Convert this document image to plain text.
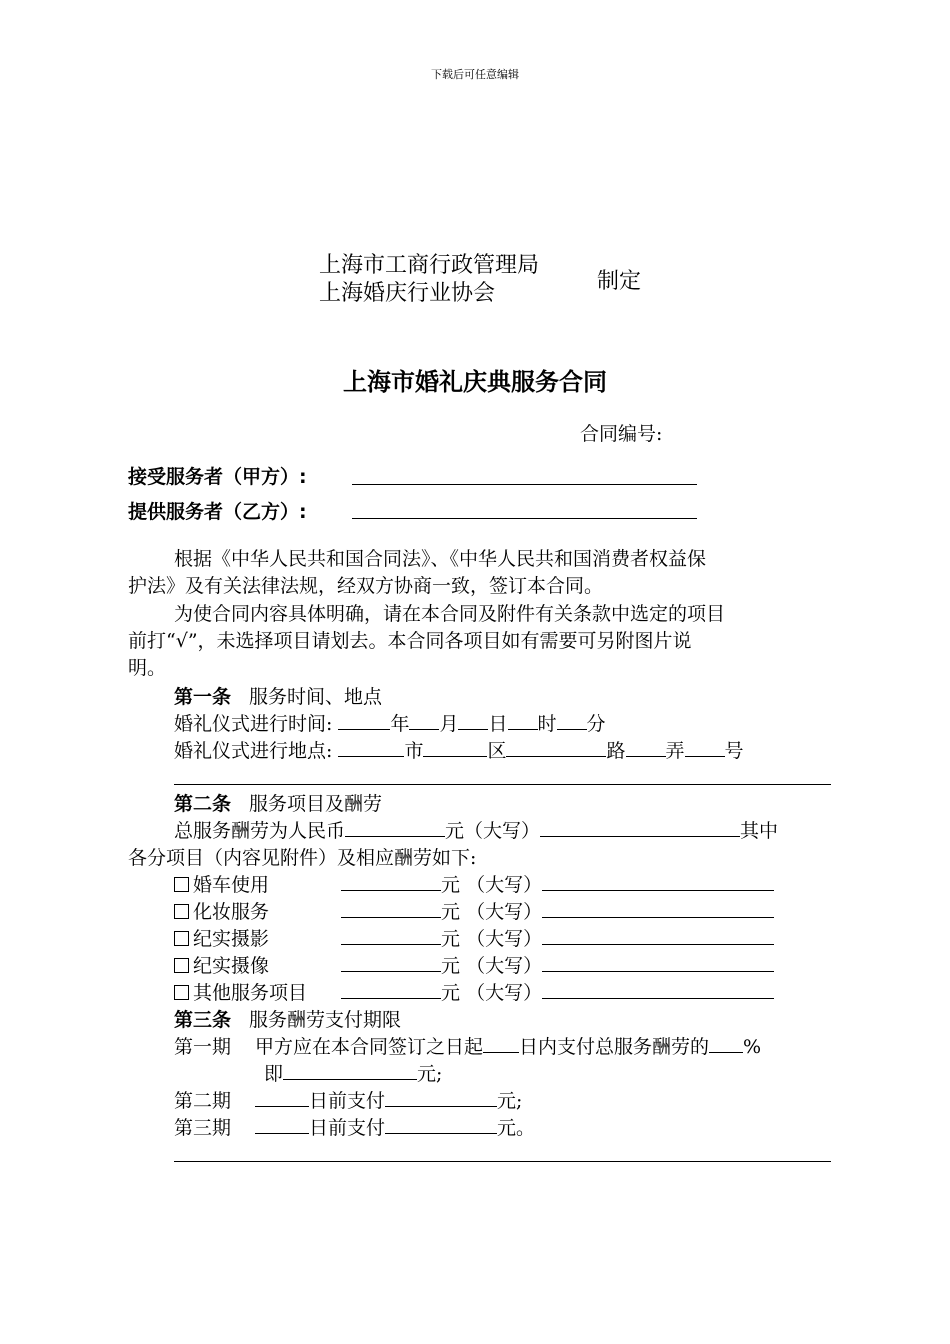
下载后可任意编辑
上海市工商行政管理局
上海婚庆行业协会	制定
上海市婚礼庆典服务合同
合同编号:
接受服务者（甲方）:
提供服务者（乙方）:
根据《中华人民共和国合同法》、《中华人民共和国消费者权益保
护法》及有关法律法规，经双方协商一致，签订本合同。
为使合同内容具体明确，请在本合同及附件有关条款中选定的项目
前打“√”，未选择项目请划去。本合同各项目如有需要可另附图片说
明。
第一条 服务时间、地点
婚礼仪式进行时间:	年 月 日 时 分
婚礼仪式进行地点:	市	区	路 弄 号
第二条 服务项目及酬劳
总服务酬劳为人民币	元（大写）	其中
各分项目（内容见附件）及相应酬劳如下:
婚车使用	元 （大写）
化妆服务	元 （大写）
纪实摄影	元 （大写）
纪实摄像	元 （大写）
其他服务项目	元 （大写）
第三条 服务酬劳支付期限
第一期 甲方应在本合同签订之日起 日内支付总服务酬劳的 %
即	元;
第二期	日前支付	元;
第三期	日前支付	元。
